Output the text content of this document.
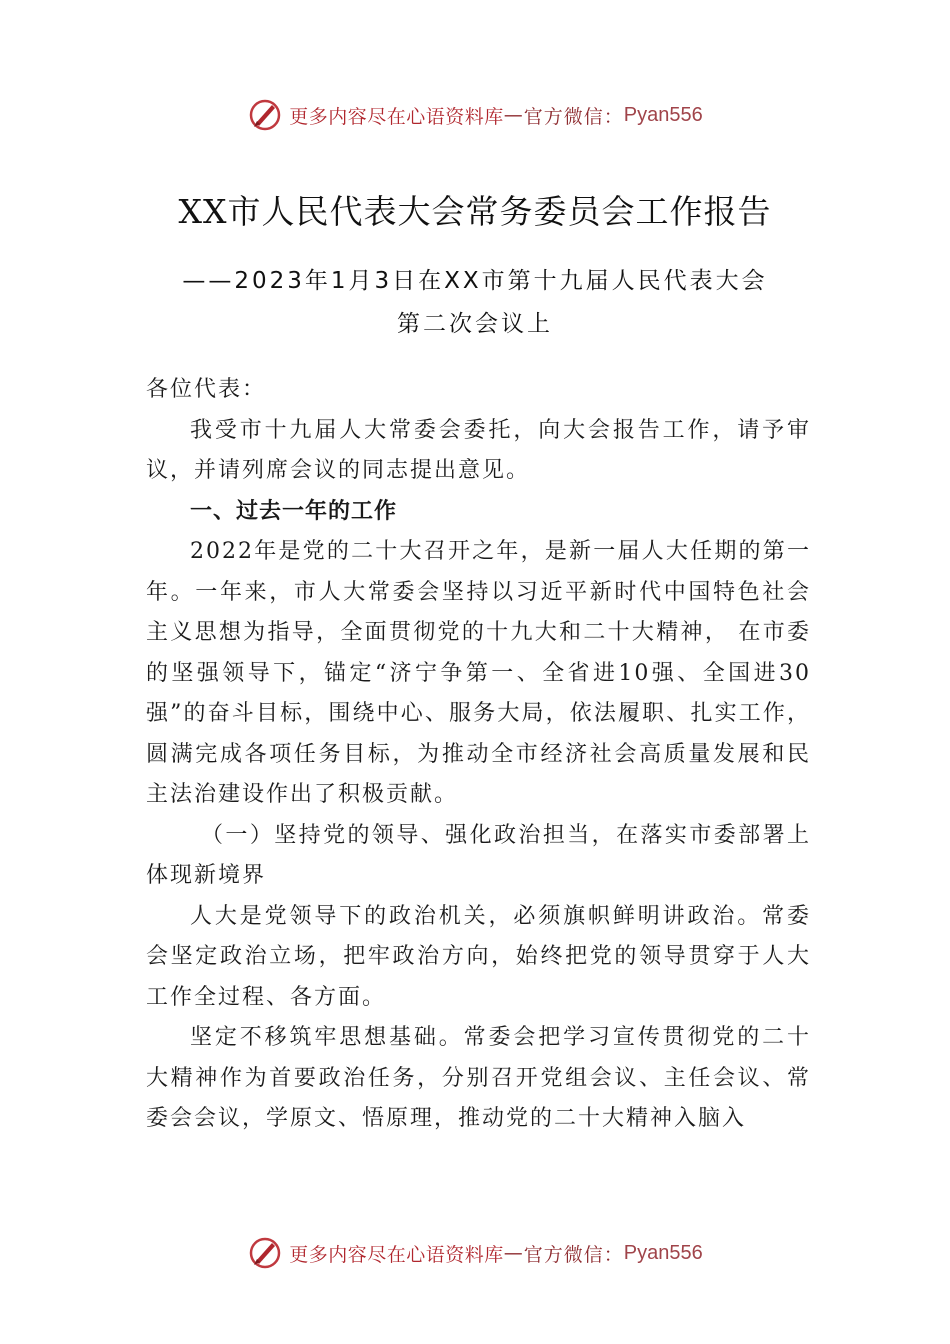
更多内容尽在心语资料库 — 官方微信： Pyan556
XX市人民代表大会常务委员会工作报告
——2023年1月3日在XX市第十九届人民代表大会
第二次会议上

各位代表：

我受市十九届人大常委会委托，向大会报告工作，请予审议，并请列席会议的同志提出意见。

一、过去一年的工作

2022年是党的二十大召开之年，是新一届人大任期的第一年。一年来，市人大常委会坚持以习近平新时代中国特色社会主义思想为指导，全面贯彻党的十九大和二十大精神， 在市委的坚强领导下，锚定“济宁争第一、全省进10强、全国进30强”的奋斗目标，围绕中心、服务大局，依法履职、扎实工作，圆满完成各项任务目标，为推动全市经济社会高质量发展和民主法治建设作出了积极贡献。

（一）坚持党的领导、强化政治担当，在落实市委部署上体现新境界

人大是党领导下的政治机关，必须旗帜鲜明讲政治。常委会坚定政治立场，把牢政治方向，始终把党的领导贯穿于人大工作全过程、各方面。

坚定不移筑牢思想基础。常委会把学习宣传贯彻党的二十大精神作为首要政治任务，分别召开党组会议、主任会议、常委会会议，学原文、悟原理，推动党的二十大精神入脑入

更多内容尽在心语资料库 — 官方微信： Pyan556
